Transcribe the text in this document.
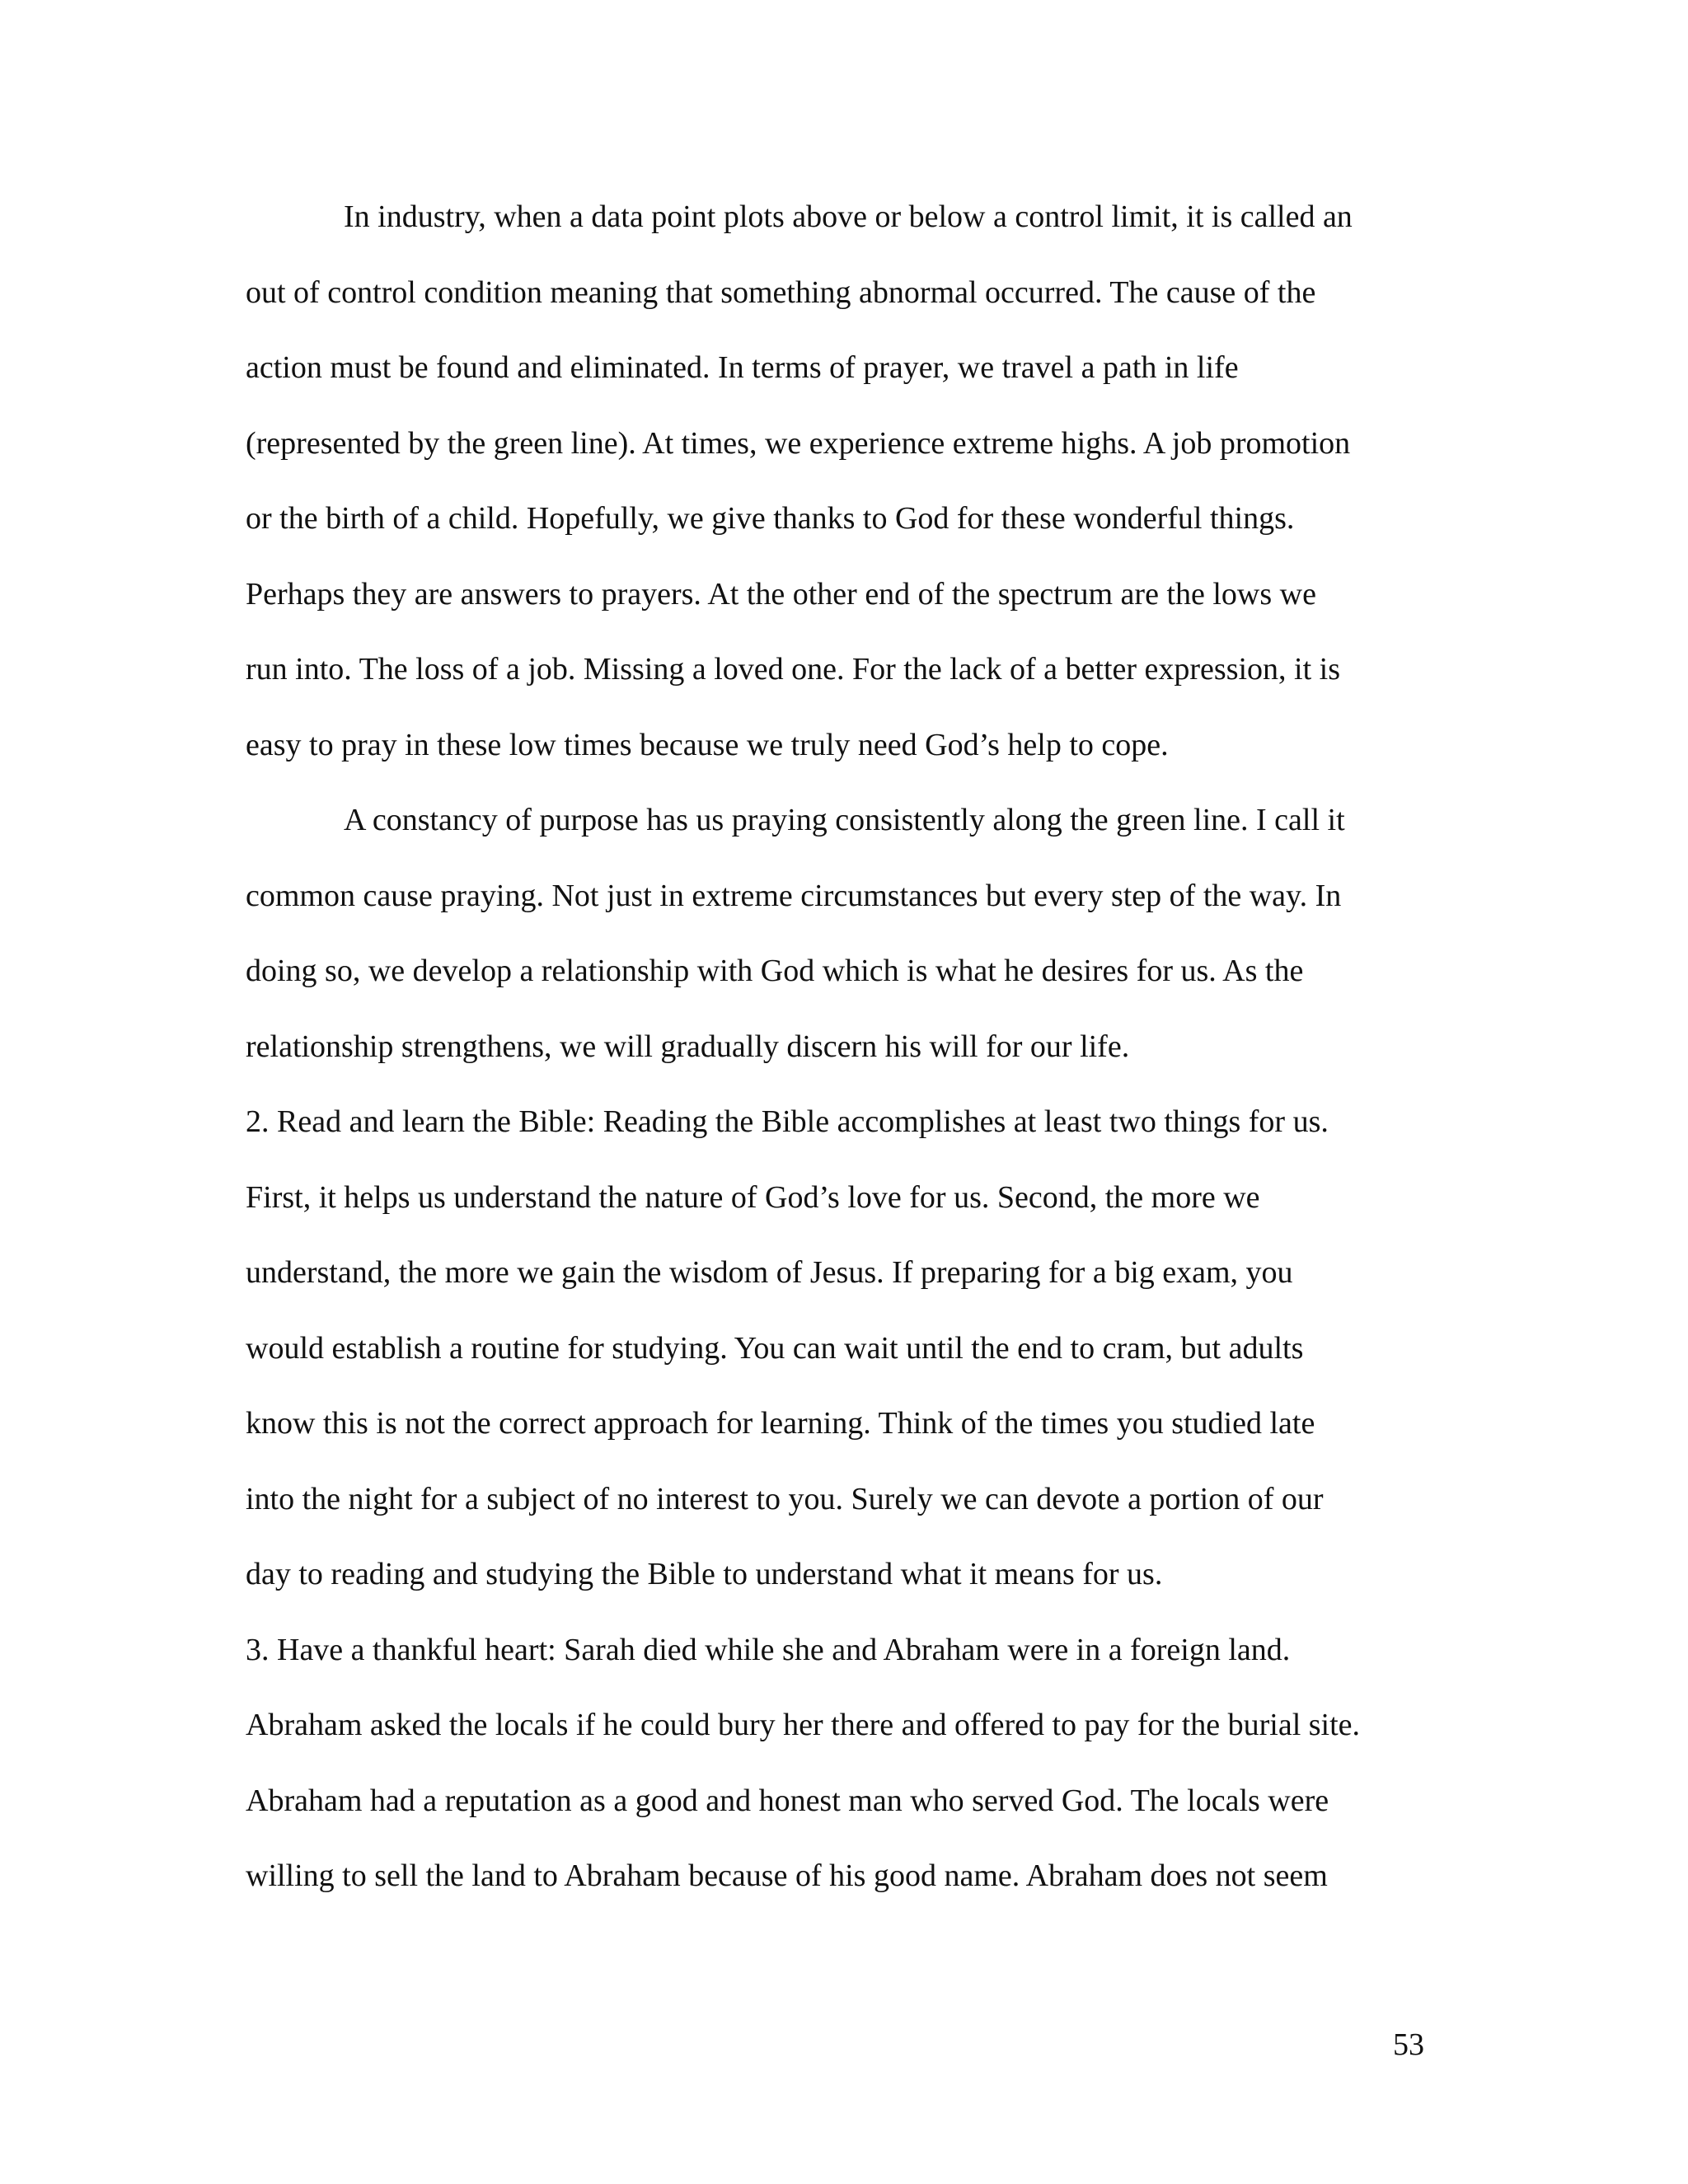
In industry, when a data point plots above or below a control limit, it is called an
out of control condition meaning that something abnormal occurred. The cause of the
action must be found and eliminated. In terms of prayer, we travel a path in life
(represented by the green line). At times, we experience extreme highs. A job promotion
or the birth of a child. Hopefully, we give thanks to God for these wonderful things.
Perhaps they are answers to prayers. At the other end of the spectrum are the lows we
run into. The loss of a job. Missing a loved one. For the lack of a better expression, it is
easy to pray in these low times because we truly need God’s help to cope.
A constancy of purpose has us praying consistently along the green line. I call it
common cause praying. Not just in extreme circumstances but every step of the way. In
doing so, we develop a relationship with God which is what he desires for us. As the
relationship strengthens, we will gradually discern his will for our life.
2. Read and learn the Bible: Reading the Bible accomplishes at least two things for us.
First, it helps us understand the nature of God’s love for us. Second, the more we
understand, the more we gain the wisdom of Jesus. If preparing for a big exam, you
would establish a routine for studying. You can wait until the end to cram, but adults
know this is not the correct approach for learning. Think of the times you studied late
into the night for a subject of no interest to you. Surely we can devote a portion of our
day to reading and studying the Bible to understand what it means for us.
3. Have a thankful heart: Sarah died while she and Abraham were in a foreign land.
Abraham asked the locals if he could bury her there and offered to pay for the burial site.
Abraham had a reputation as a good and honest man who served God. The locals were
willing to sell the land to Abraham because of his good name. Abraham does not seem
53
